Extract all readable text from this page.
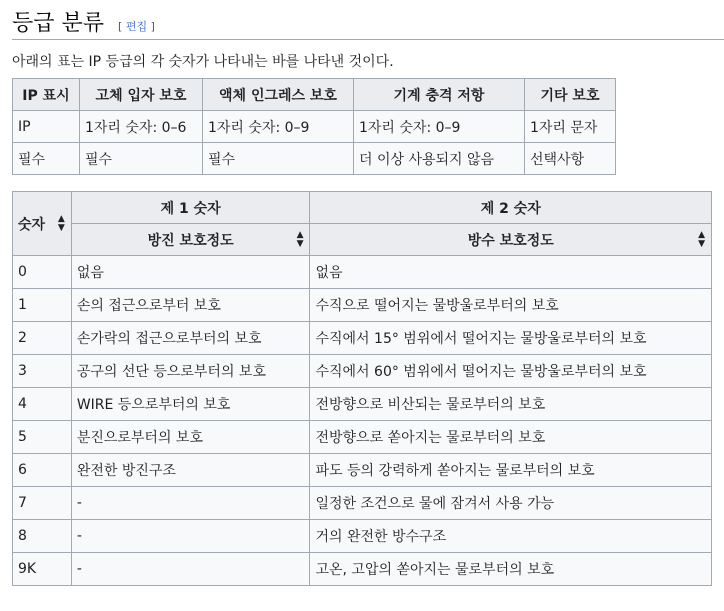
등급 분류 [ 편집 ]

아래의 표는 IP 등급의 각 숫자가 나타내는 바를 나타낸 것이다.

IP 표시	고체 입자 보호	액체 인그레스 보호	기계 충격 저항	기타 보호
IP	1자리 숫자: 0–6	1자리 숫자: 0–9	1자리 숫자: 0–9	1자리 문자
필수	필수	필수	더 이상 사용되지 않음	선택사항
숫자 ▲
▼	제 1 숫자	제 2 숫자
	방진 보호정도 ▲
▼	방수 보호정도 ▲
▼

0	없음	없음
1	손의 접근으로부터 보호	수직으로 떨어지는 물방울로부터의 보호
2	손가락의 접근으로부터의 보호	수직에서 15° 범위에서 떨어지는 물방울로부터의 보호
3	공구의 선단 등으로부터의 보호	수직에서 60° 범위에서 떨어지는 물방울로부터의 보호
4	WIRE 등으로부터의 보호	전방향으로 비산되는 물로부터의 보호
5	분진으로부터의 보호	전방향으로 쏟아지는 물로부터의 보호
6	완전한 방진구조	파도 등의 강력하게 쏟아지는 물로부터의 보호
7	-	일정한 조건으로 물에 잠겨서 사용 가능
8	-	거의 완전한 방수구조
9K	-	고온, 고압의 쏟아지는 물로부터의 보호
